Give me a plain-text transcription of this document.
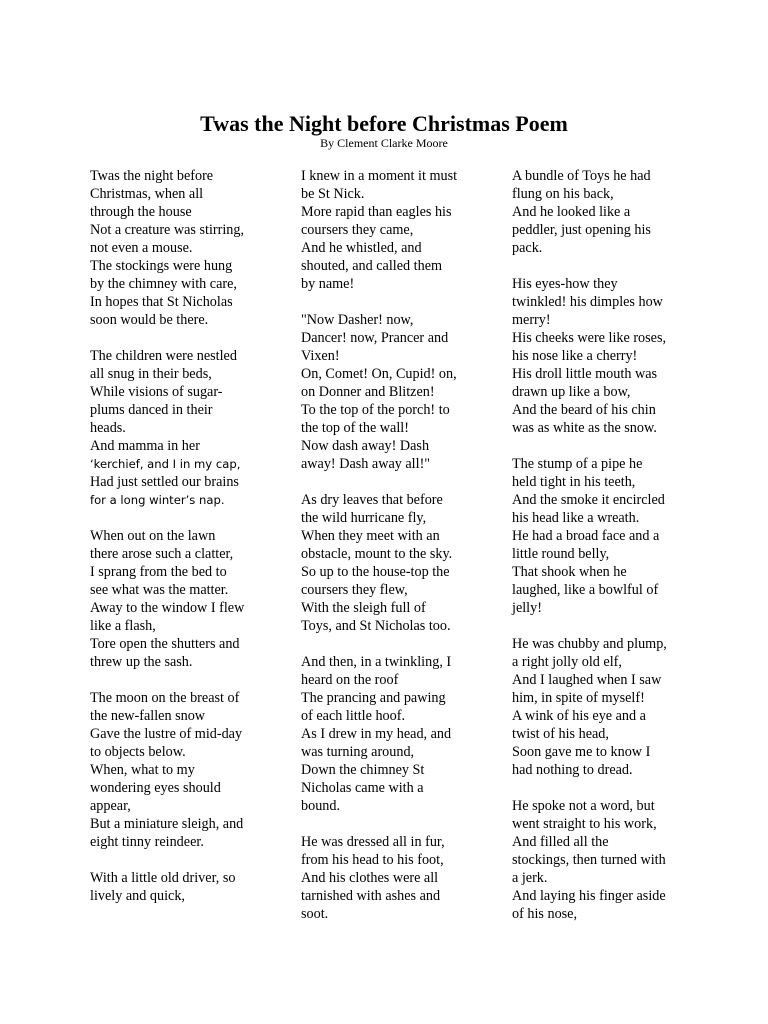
Twas the Night before Christmas Poem

By Clement Clarke Moore

Twas the night before
Christmas, when all
through the house
Not a creature was stirring,
not even a mouse.
The stockings were hung
by the chimney with care,
In hopes that St Nicholas
soon would be there.
The children were nestled
all snug in their beds,
While visions of sugar-
plums danced in their
heads.
And mamma in her
‘kerchief, and I in my cap,
Had just settled our brains
for a long winter’s nap.
When out on the lawn
there arose such a clatter,
I sprang from the bed to
see what was the matter.
Away to the window I flew
like a flash,
Tore open the shutters and
threw up the sash.
The moon on the breast of
the new-fallen snow
Gave the lustre of mid-day
to objects below.
When, what to my
wondering eyes should
appear,
But a miniature sleigh, and
eight tinny reindeer.
With a little old driver, so
lively and quick,
I knew in a moment it must
be St Nick.
More rapid than eagles his
coursers they came,
And he whistled, and
shouted, and called them
by name!
"Now Dasher! now,
Dancer! now, Prancer and
Vixen!
On, Comet! On, Cupid! on,
on Donner and Blitzen!
To the top of the porch! to
the top of the wall!
Now dash away! Dash
away! Dash away all!"
As dry leaves that before
the wild hurricane fly,
When they meet with an
obstacle, mount to the sky.
So up to the house-top the
coursers they flew,
With the sleigh full of
Toys, and St Nicholas too.
And then, in a twinkling, I
heard on the roof
The prancing and pawing
of each little hoof.
As I drew in my head, and
was turning around,
Down the chimney St
Nicholas came with a
bound.
He was dressed all in fur,
from his head to his foot,
And his clothes were all
tarnished with ashes and
soot.
A bundle of Toys he had
flung on his back,
And he looked like a
peddler, just opening his
pack.
His eyes-how they
twinkled! his dimples how
merry!
His cheeks were like roses,
his nose like a cherry!
His droll little mouth was
drawn up like a bow,
And the beard of his chin
was as white as the snow.
The stump of a pipe he
held tight in his teeth,
And the smoke it encircled
his head like a wreath.
He had a broad face and a
little round belly,
That shook when he
laughed, like a bowlful of
jelly!
He was chubby and plump,
a right jolly old elf,
And I laughed when I saw
him, in spite of myself!
A wink of his eye and a
twist of his head,
Soon gave me to know I
had nothing to dread.
He spoke not a word, but
went straight to his work,
And filled all the
stockings, then turned with
a jerk.
And laying his finger aside
of his nose,
